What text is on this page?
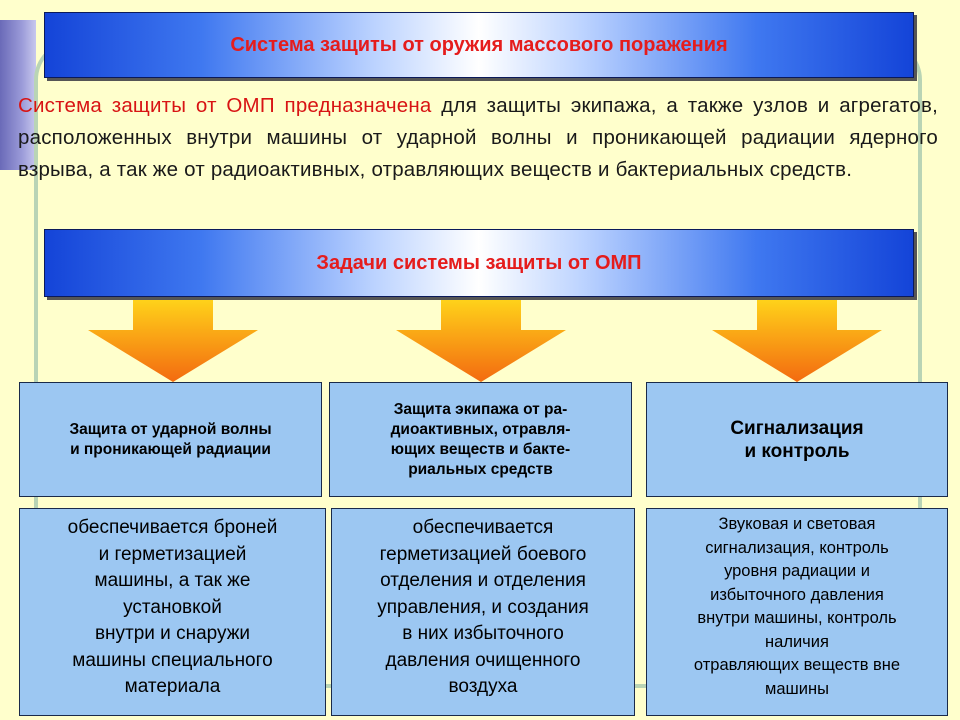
Система защиты от оружия массового поражения
Система защиты от ОМП предназначена для защиты экипажа, а также узлов и агрегатов, расположенных внутри машины от ударной волны и проникающей радиации ядерного взрыва, а так же от радиоактивных, отравляющих веществ и бактериальных средств.
Задачи системы защиты от ОМП
Защита от ударной волны
и проникающей радиации
Защита экипажа от ра-
диоактивных, отравля-
ющих веществ и бакте-
риальных средств
Сигнализация
и контроль
обеспечивается броней
и герметизацией
машины, а так же
установкой
внутри и снаружи
машины специального
материала
обеспечивается
герметизацией боевого
отделения и отделения
управления, и создания
в них избыточного
давления очищенного
воздуха
Звуковая и световая
сигнализация, контроль
уровня радиации и
избыточного давления
внутри машины, контроль
наличия
отравляющих веществ вне
машины
